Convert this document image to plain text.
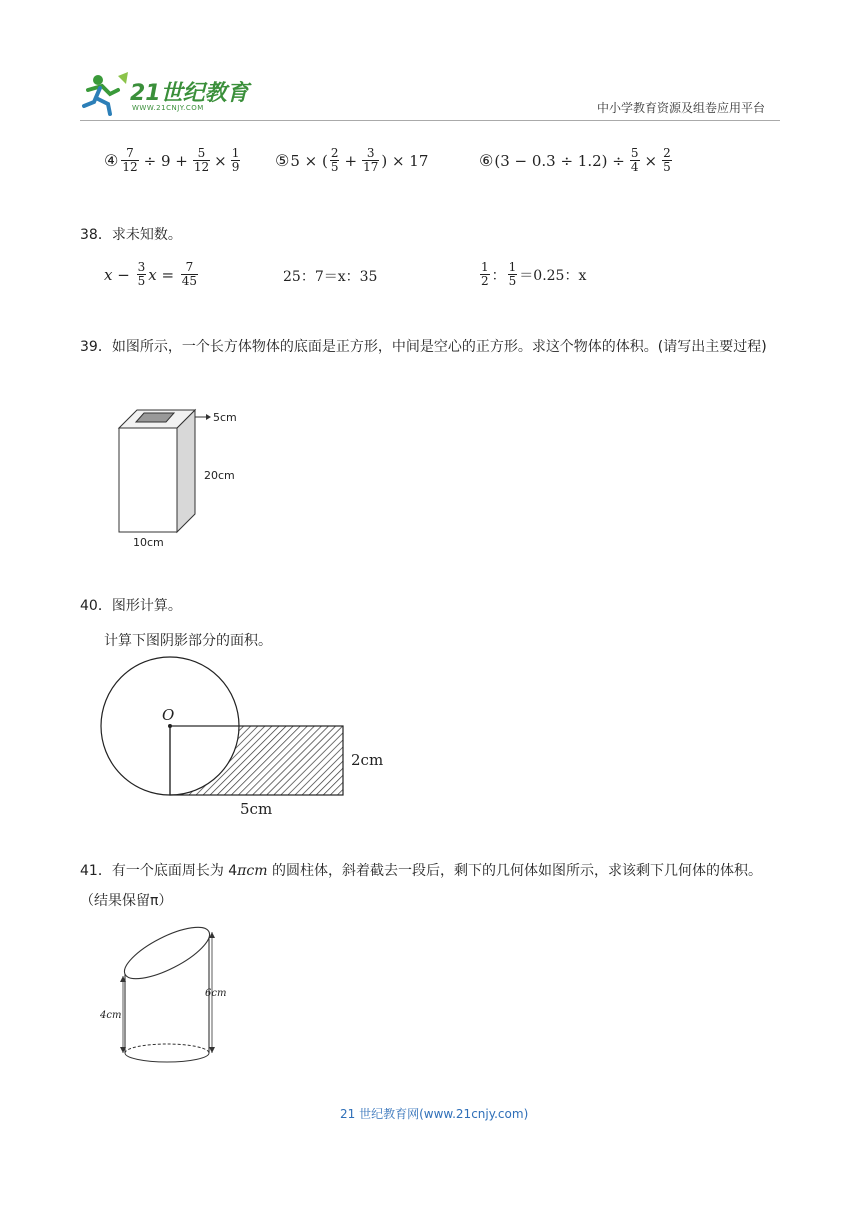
21世纪教育
WWW.21CNJY.COM	中小学教育资源及组卷应用平台
④ $\frac{7}{12} \div 9 + \frac{5}{12} \times \frac{1}{9}$ ⑤ 5 × ( $\frac{2}{5} + \frac{3}{17}$ ) × 17	⑥ $(3 - 0.3 \div 1.2) \div \frac{5}{4} \times \frac{2}{5}$
38．求未知数。
$x - \frac{3}{5}$ $x = \frac{7}{45}$	25：7＝x：35	$\frac{1}{2}$ ： $\frac{1}{5} =0.25$：x
39．如图所示，一个长方体物体的底面是正方形，中间是空心的正方形。求这个物体的体积。(请写出主要过程)
5cm
20cm
10cm
40．图形计算。
计算下图阴影部分的面积。
O
2cm
5cm
41．有一个底面周长为 4πcm 的圆柱体，斜着截去一段后，剩下的几何体如图所示，求该剩下几何体的体积。（结果保留π）
4cm
6cm
21 世纪教育网(www.21cnjy.com)
